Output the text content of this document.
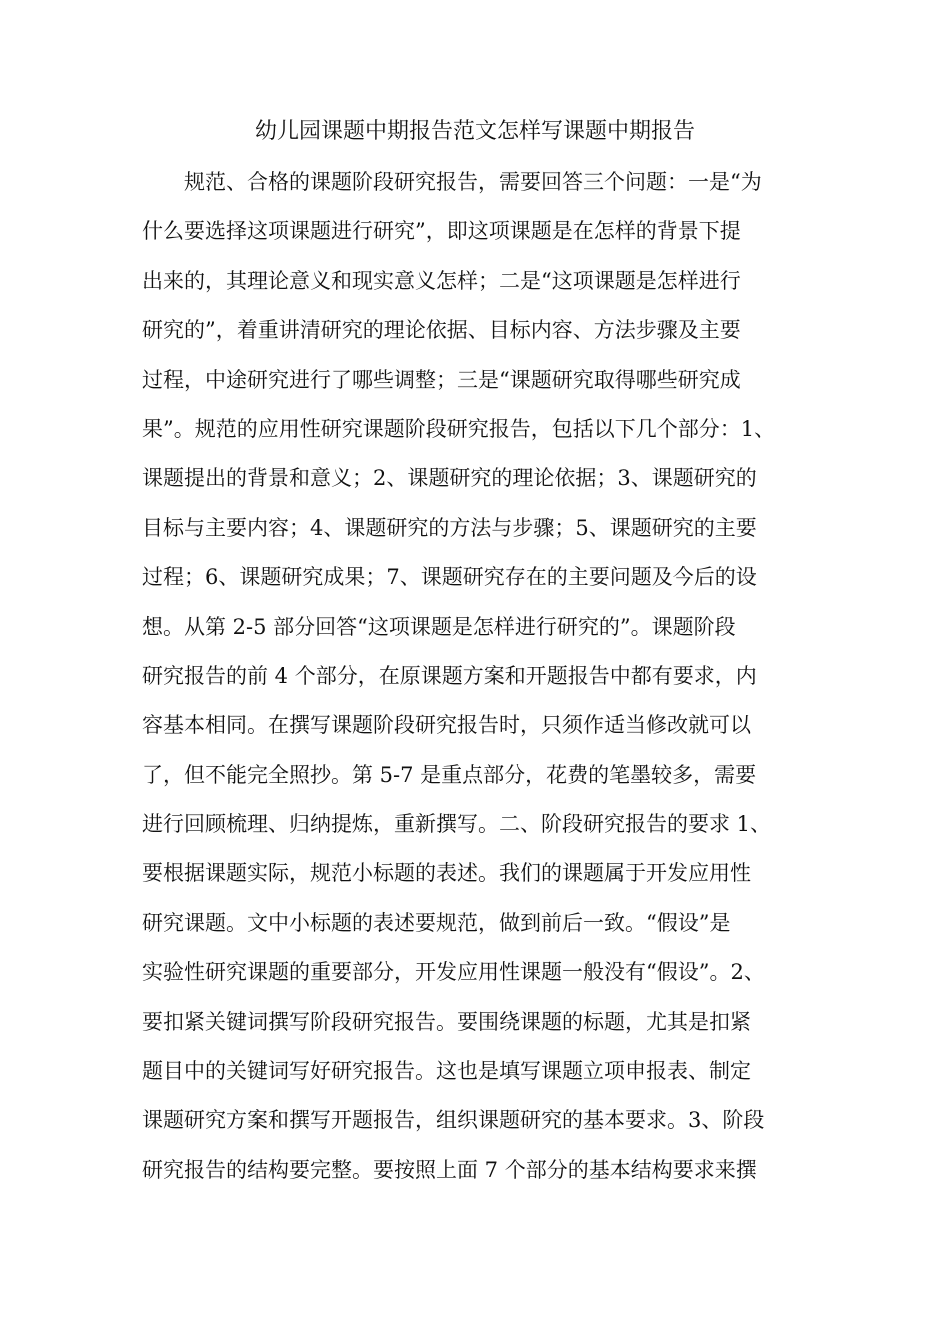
幼儿园课题中期报告范文怎样写课题中期报告
规范、合格的课题阶段研究报告，需要回答三个问题：一是“为
什么要选择这项课题进行研究”，即这项课题是在怎样的背景下提
出来的，其理论意义和现实意义怎样；二是“这项课题是怎样进行
研究的”，着重讲清研究的理论依据、目标内容、方法步骤及主要
过程，中途研究进行了哪些调整；三是“课题研究取得哪些研究成
果”。规范的应用性研究课题阶段研究报告，包括以下几个部分：1、
课题提出的背景和意义；2、课题研究的理论依据；3、课题研究的
目标与主要内容；4、课题研究的方法与步骤；5、课题研究的主要
过程；6、课题研究成果；7、课题研究存在的主要问题及今后的设
想。从第 2-5 部分回答“这项课题是怎样进行研究的”。课题阶段
研究报告的前 4 个部分，在原课题方案和开题报告中都有要求，内
容基本相同。在撰写课题阶段研究报告时，只须作适当修改就可以
了，但不能完全照抄。第 5-7 是重点部分，花费的笔墨较多，需要
进行回顾梳理、归纳提炼，重新撰写。二、阶段研究报告的要求 1、
要根据课题实际，规范小标题的表述。我们的课题属于开发应用性
研究课题。文中小标题的表述要规范，做到前后一致。“假设”是
实验性研究课题的重要部分，开发应用性课题一般没有“假设”。2、
要扣紧关键词撰写阶段研究报告。要围绕课题的标题，尤其是扣紧
题目中的关键词写好研究报告。这也是填写课题立项申报表、制定
课题研究方案和撰写开题报告，组织课题研究的基本要求。3、阶段
研究报告的结构要完整。要按照上面 7 个部分的基本结构要求来撰
